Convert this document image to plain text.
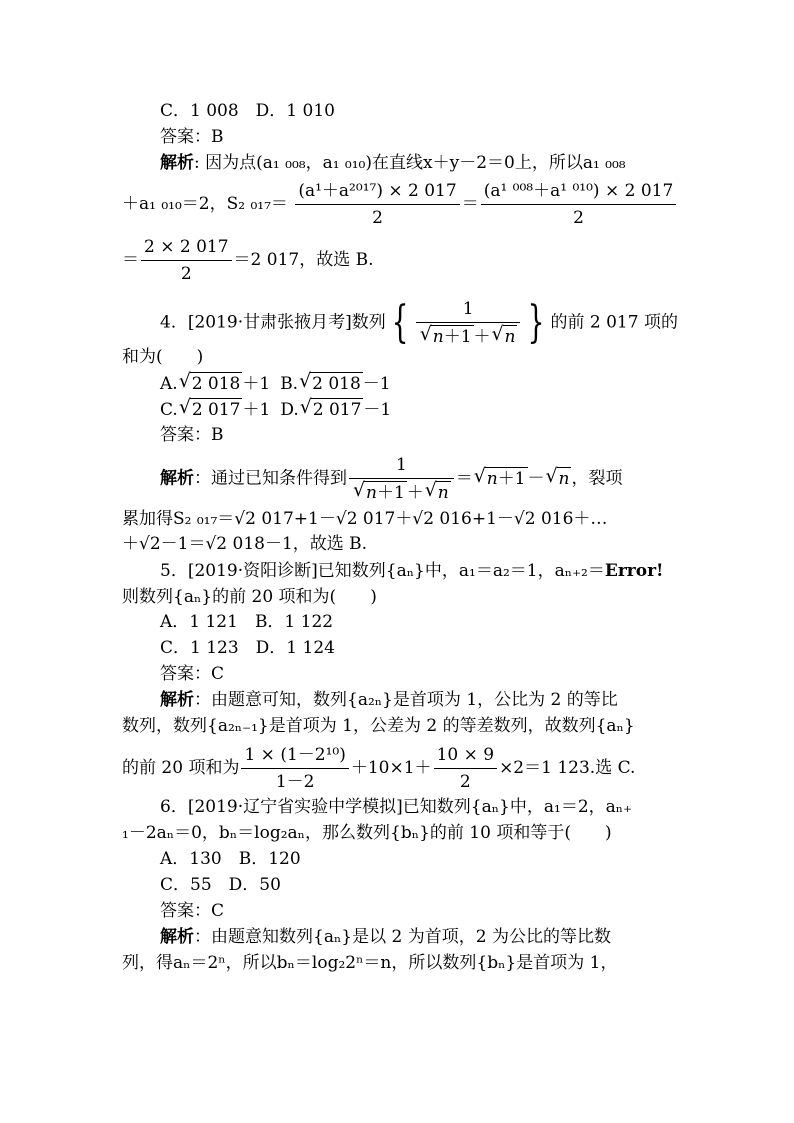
C．1 008　D．1 010
答案：B
解析: 因为点(a₁ ₀₀₈，a₁ ₀₁₀)在直线x＋y－2＝0上，所以a₁ ₀₀₈
＋a₁ ₀₁₀＝2，S₂ $_{017}= \frac{\text{(a¹＋a²⁰¹⁷) × 2 017}}{2} = \frac{\text{(a¹ ⁰⁰⁸＋a¹ ⁰¹⁰) × 2 017}}{2}$
＝ $\frac{2 \times 2 017}{2} =2$ 017，故选 B.
4．[2019·甘肃张掖月考]数列 { 1
√ n＋1 ＋ √ n } 的前 2 017 项的
和为(　　)
A. √ 2 018 ＋1 B. √ 2 018 －1
C. √ 2 017 ＋1 D. √ 2 017 －1
答案：B
解析：通过已知条件得到 1
√ n＋1 ＋ √ n ＝ √ n＋1 － √ n ，裂项
累加得S₂ ₀₁₇＝√2 017+1－√2 017＋√2 016+1－√2 016＋…
＋√2－1＝√2 018－1，故选 B.
5．[2019·资阳诊断]已知数列{aₙ}中，a₁＝a₂＝1，aₙ₊₂＝Error!
则数列{aₙ}的前 20 项和为(　　)
A．1 121　B．1 122
C．1 123　D．1 124
答案：C
解析：由题意可知，数列{a₂ₙ}是首项为 1，公比为 2 的等比
数列，数列{a₂ₙ₋₁}是首项为 1，公差为 2 的等差数列，故数列{aₙ}
的前 20 项和为 $\frac{\text{1 × (1－2¹⁰)}}{1-2} +10\times 1+ \frac{10 \times 9}{2} \times 2=1$ 123.选 C.
6．[2019·辽宁省实验中学模拟]已知数列{aₙ}中，a₁＝2，aₙ₊
₁－2aₙ＝0，bₙ＝log₂aₙ，那么数列{bₙ}的前 10 项和等于(　　)
A．130　B．120
C．55　D．50
答案：C
解析：由题意知数列{aₙ}是以 2 为首项，2 为公比的等比数
列，得aₙ＝2ⁿ，所以bₙ＝log₂2ⁿ＝n，所以数列{bₙ}是首项为 1，
